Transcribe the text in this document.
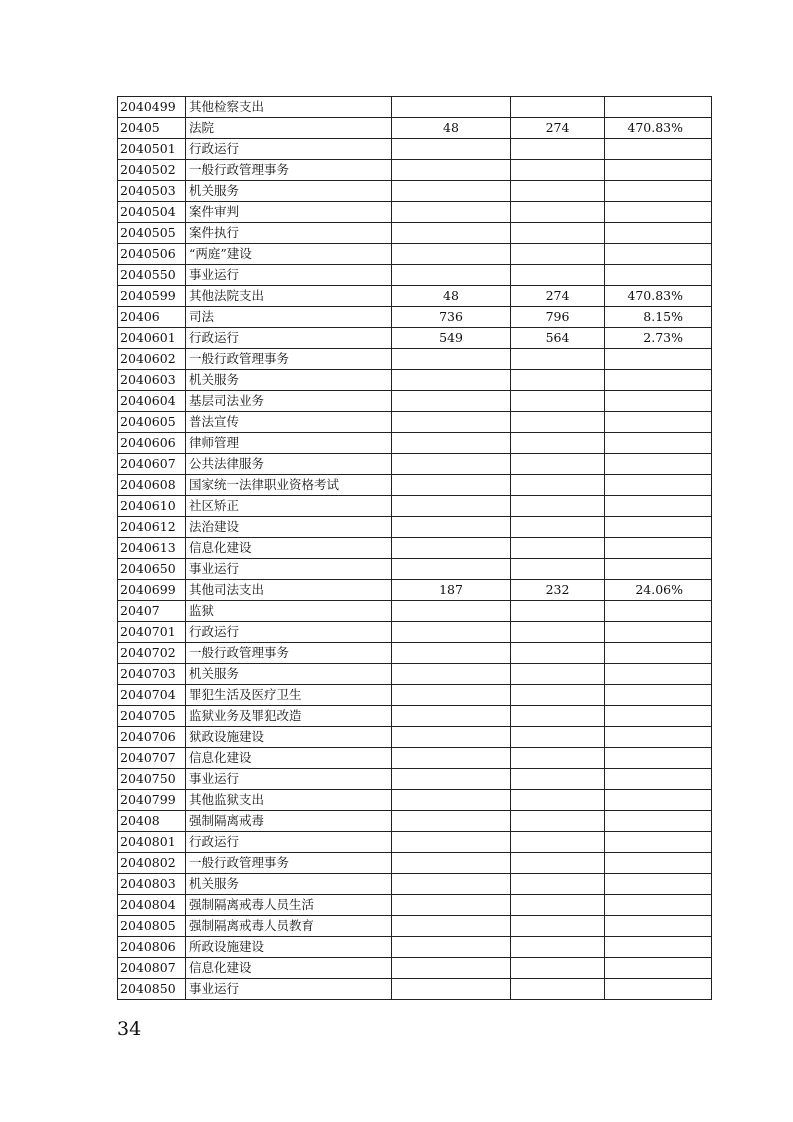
2040499	其他检察支出			
20405	法院	48	274	470.83%
2040501	行政运行			
2040502	一般行政管理事务			
2040503	机关服务			
2040504	案件审判			
2040505	案件执行			
2040506	“两庭”建设			
2040550	事业运行			
2040599	其他法院支出	48	274	470.83%
20406	司法	736	796	8.15%
2040601	行政运行	549	564	2.73%
2040602	一般行政管理事务			
2040603	机关服务			
2040604	基层司法业务			
2040605	普法宣传			
2040606	律师管理			
2040607	公共法律服务			
2040608	国家统一法律职业资格考试			
2040610	社区矫正			
2040612	法治建设			
2040613	信息化建设			
2040650	事业运行			
2040699	其他司法支出	187	232	24.06%
20407	监狱			
2040701	行政运行			
2040702	一般行政管理事务			
2040703	机关服务			
2040704	罪犯生活及医疗卫生			
2040705	监狱业务及罪犯改造			
2040706	狱政设施建设			
2040707	信息化建设			
2040750	事业运行			
2040799	其他监狱支出			
20408	强制隔离戒毒			
2040801	行政运行			
2040802	一般行政管理事务			
2040803	机关服务			
2040804	强制隔离戒毒人员生活			
2040805	强制隔离戒毒人员教育			
2040806	所政设施建设			
2040807	信息化建设			
2040850	事业运行			
34
